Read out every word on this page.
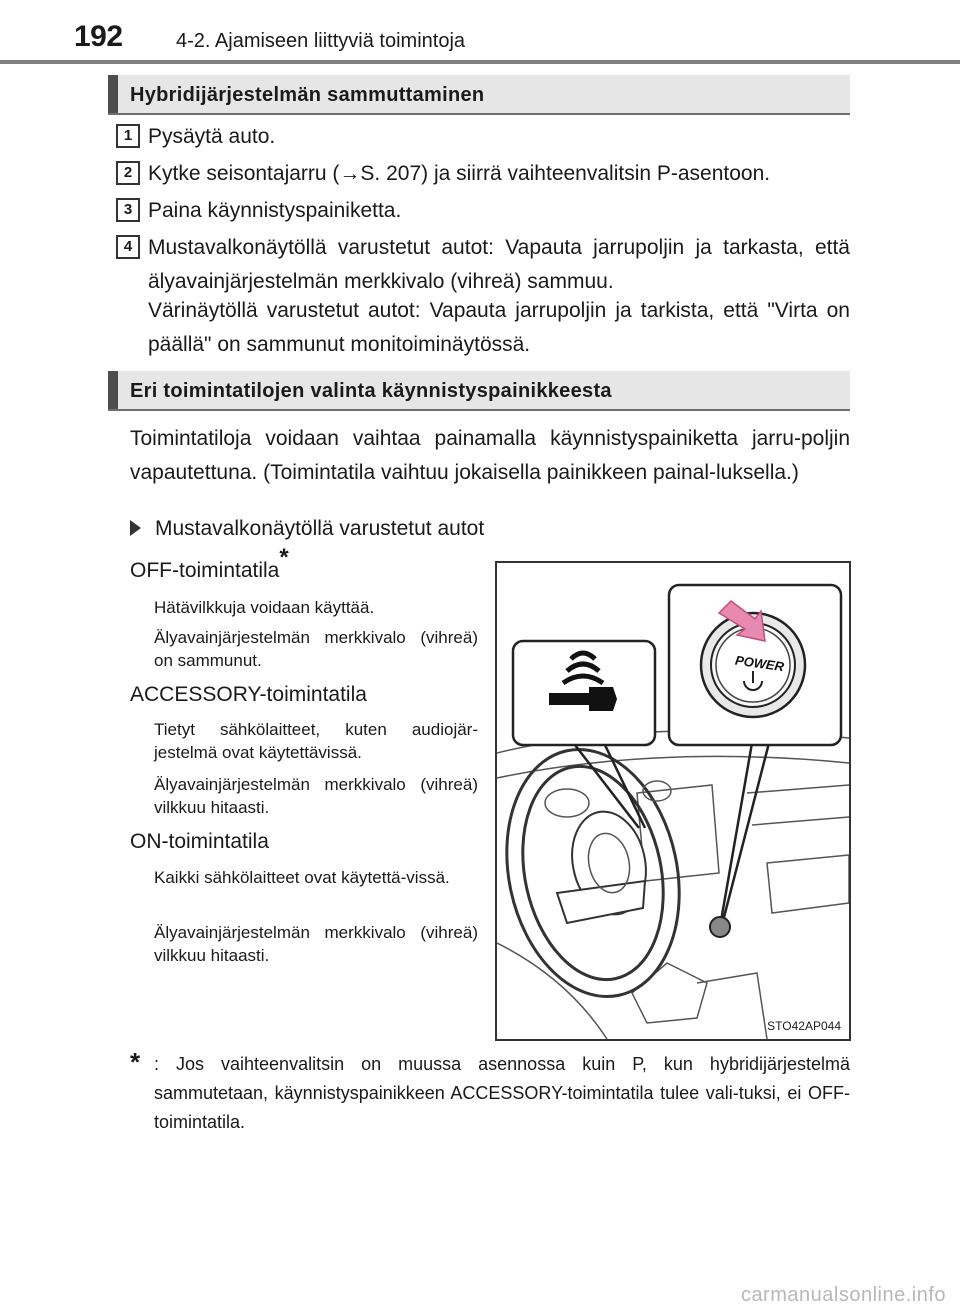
192	4-2. Ajamiseen liittyviä toimintoja
Hybridijärjestelmän sammuttaminen
1 Pysäytä auto.
2 Kytke seisontajarru (→S. 207) ja siirrä vaihteenvalitsin P-asentoon.
3 Paina käynnistyspainiketta.
4 Mustavalkonäytöllä varustetut autot: Vapauta jarrupoljin ja tarkasta, että älyavainjärjestelmän merkkivalo (vihreä) sammuu.
Värinäytöllä varustetut autot: Vapauta jarrupoljin ja tarkista, että "Virta on päällä" on sammunut monitoiminäytössä.
Eri toimintatilojen valinta käynnistyspainikkeesta
Toimintatiloja voidaan vaihtaa painamalla käynnistyspainiketta jarru-poljin vapautettuna. (Toimintatila vaihtuu jokaisella painikkeen painal-luksella.)
Mustavalkonäytöllä varustetut autot
OFF-toimintatila*
Hätävilkkuja voidaan käyttää.
Älyavainjärjestelmän merkkivalo (vihreä) on sammunut.
ACCESSORY-toimintatila
Tietyt sähkölaitteet, kuten audiojär-jestelmä ovat käytettävissä.
Älyavainjärjestelmän merkkivalo (vihreä) vilkkuu hitaasti.
ON-toimintatila
Kaikki sähkölaitteet ovat käytettä-vissä.
Älyavainjärjestelmän merkkivalo (vihreä) vilkkuu hitaasti.
POWER
STO42AP044
* : Jos vaihteenvalitsin on muussa asennossa kuin P, kun hybridijärjestelmä sammutetaan, käynnistyspainikkeen ACCESSORY-toimintatila tulee vali-tuksi, ei OFF-toimintatila.
carmanualsonline.info
